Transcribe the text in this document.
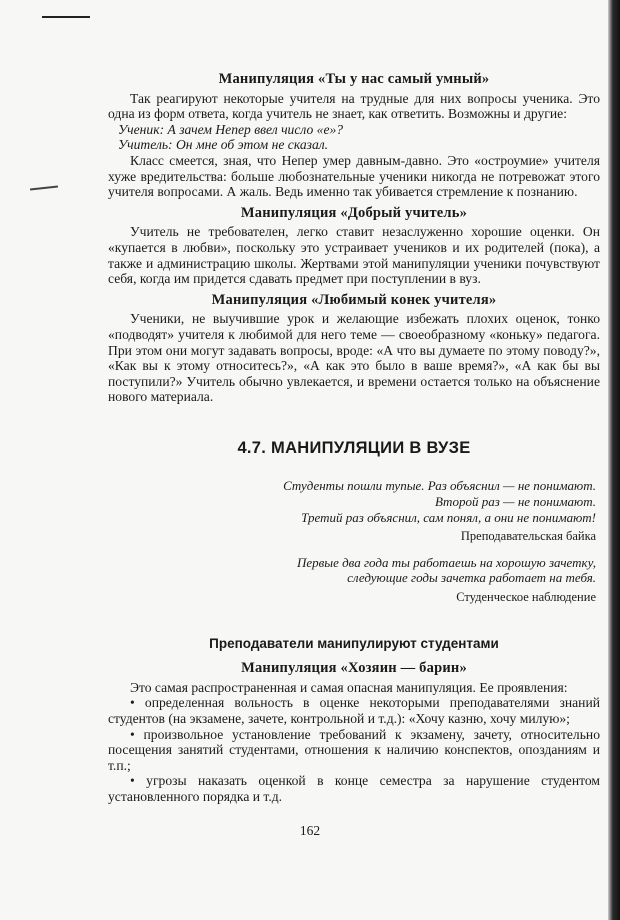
Манипуляция «Ты у нас самый умный»

Так реагируют некоторые учителя на трудные для них вопросы ученика. Это одна из форм ответа, когда учитель не знает, как ответить. Возможны и другие:

Ученик: А зачем Непер ввел число «е»?

Учитель: Он мне об этом не сказал.

Класс смеется, зная, что Непер умер давным-давно. Это «остроумие» учителя хуже вредительства: больше любознательные ученики никогда не потревожат этого учителя вопросами. А жаль. Ведь именно так убивается стремление к познанию.

Манипуляция «Добрый учитель»

Учитель не требователен, легко ставит незаслуженно хорошие оценки. Он «купается в любви», поскольку это устраивает учеников и их родителей (пока), а также и администрацию школы. Жертвами этой манипуляции ученики почувствуют себя, когда им придется сдавать предмет при поступлении в вуз.

Манипуляция «Любимый конек учителя»

Ученики, не выучившие урок и желающие избежать плохих оценок, тонко «подводят» учителя к любимой для него теме — своеобразному «коньку» педагога. При этом они могут задавать вопросы, вроде: «А что вы думаете по этому поводу?», «Как вы к этому относитесь?», «А как это было в ваше время?», «А как бы вы поступили?» Учитель обычно увлекается, и времени остается только на объяснение нового материала.

4.7. МАНИПУЛЯЦИИ В ВУЗЕ

Студенты пошли тупые. Раз объяснил — не понимают.

Второй раз — не понимают.

Третий раз объяснил, сам понял, а они не понимают!

Преподавательская байка

Первые два года ты работаешь на хорошую зачетку,

следующие годы зачетка работает на тебя.

Студенческое наблюдение

Преподаватели манипулируют студентами
Манипуляция «Хозяин — барин»

Это самая распространенная и самая опасная манипуляция. Ее проявления:

• определенная вольность в оценке некоторыми преподавателями знаний студентов (на экзамене, зачете, контрольной и т.д.): «Хочу казню, хочу милую»;

• произвольное установление требований к экзамену, зачету, относительно посещения занятий студентами, отношения к наличию конспектов, опозданиям и т.п.;

• угрозы наказать оценкой в конце семестра за нарушение студентом установленного порядка и т.д.

162
